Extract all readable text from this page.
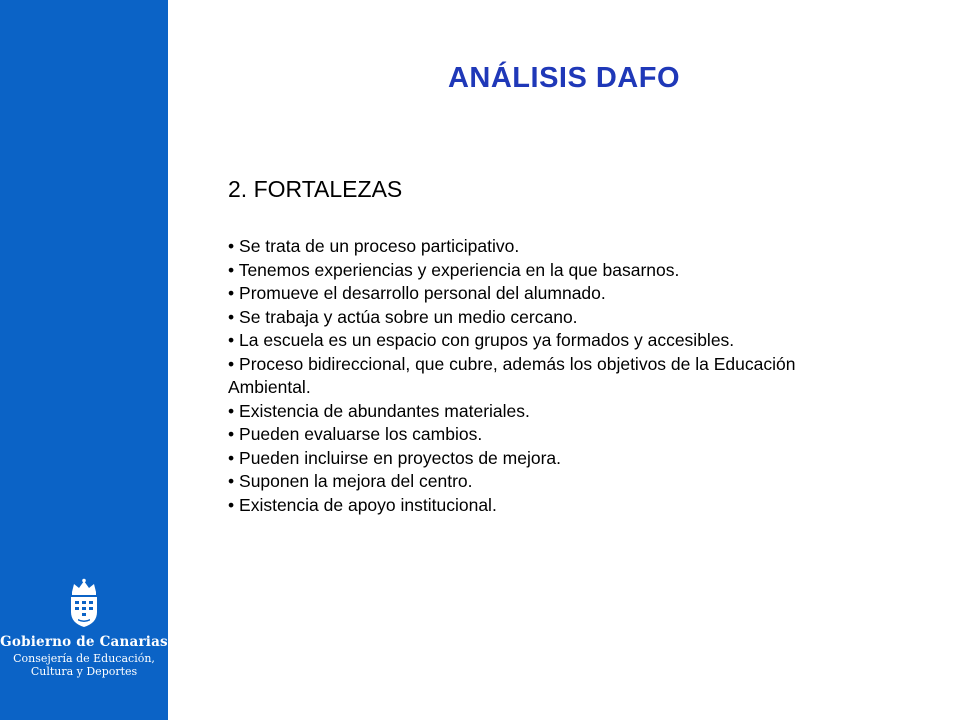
Gobierno de Canarias
Consejería de Educación,
Cultura y Deportes
ANÁLISIS DAFO
2. FORTALEZAS
• Se trata de un proceso participativo.
• Tenemos experiencias y experiencia en la que basarnos.
• Promueve el desarrollo personal del alumnado.
• Se trabaja y actúa sobre un medio cercano.
• La escuela es un espacio con grupos ya formados y accesibles.
• Proceso bidireccional, que cubre, además los objetivos de la Educación Ambiental.
• Existencia de abundantes materiales.
• Pueden evaluarse los cambios.
• Pueden incluirse en proyectos de mejora.
• Suponen la mejora del centro.
• Existencia de apoyo institucional.
